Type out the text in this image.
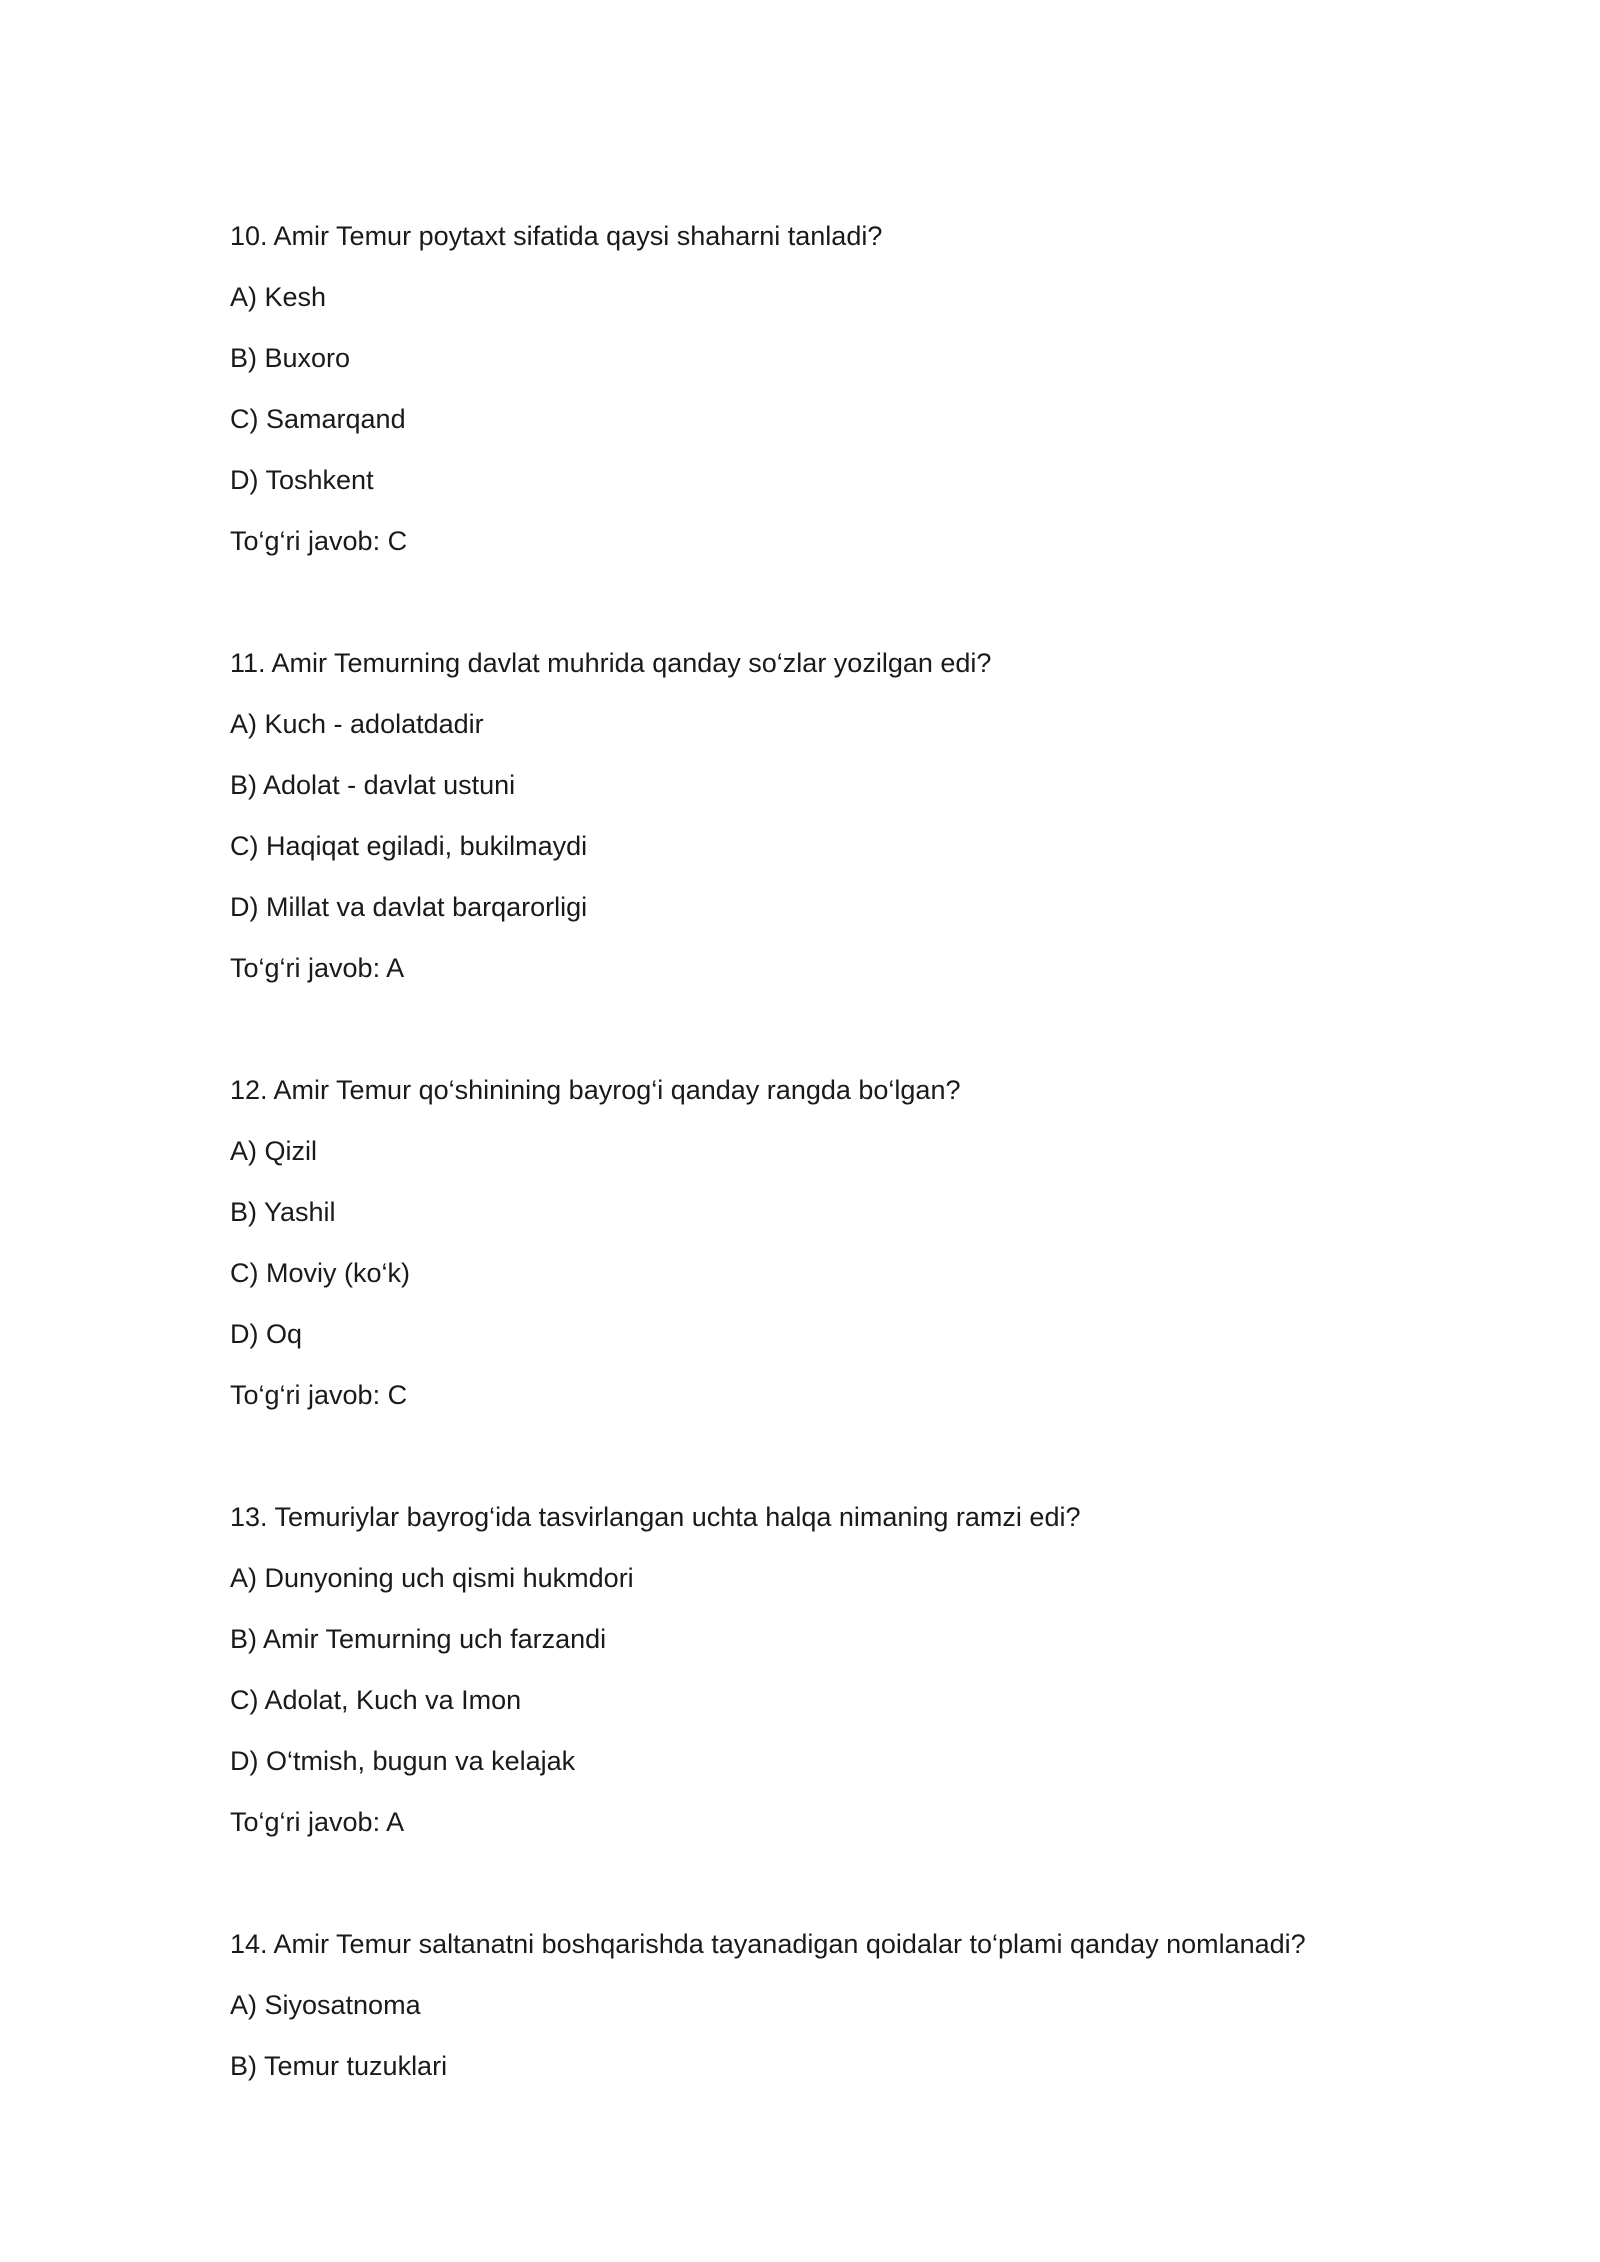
10. Amir Temur poytaxt sifatida qaysi shaharni tanladi?
A) Kesh
B) Buxoro
C) Samarqand
D) Toshkent
To‘g‘ri javob: C
11. Amir Temurning davlat muhrida qanday so‘zlar yozilgan edi?
A) Kuch - adolatdadir
B) Adolat - davlat ustuni
C) Haqiqat egiladi, bukilmaydi
D) Millat va davlat barqarorligi
To‘g‘ri javob: A
12. Amir Temur qo‘shinining bayrog‘i qanday rangda bo‘lgan?
A) Qizil
B) Yashil
C) Moviy (ko‘k)
D) Oq
To‘g‘ri javob: C
13. Temuriylar bayrog‘ida tasvirlangan uchta halqa nimaning ramzi edi?
A) Dunyoning uch qismi hukmdori
B) Amir Temurning uch farzandi
C) Adolat, Kuch va Imon
D) O‘tmish, bugun va kelajak
To‘g‘ri javob: A
14. Amir Temur saltanatni boshqarishda tayanadigan qoidalar to‘plami qanday nomlanadi?
A) Siyosatnoma
B) Temur tuzuklari
